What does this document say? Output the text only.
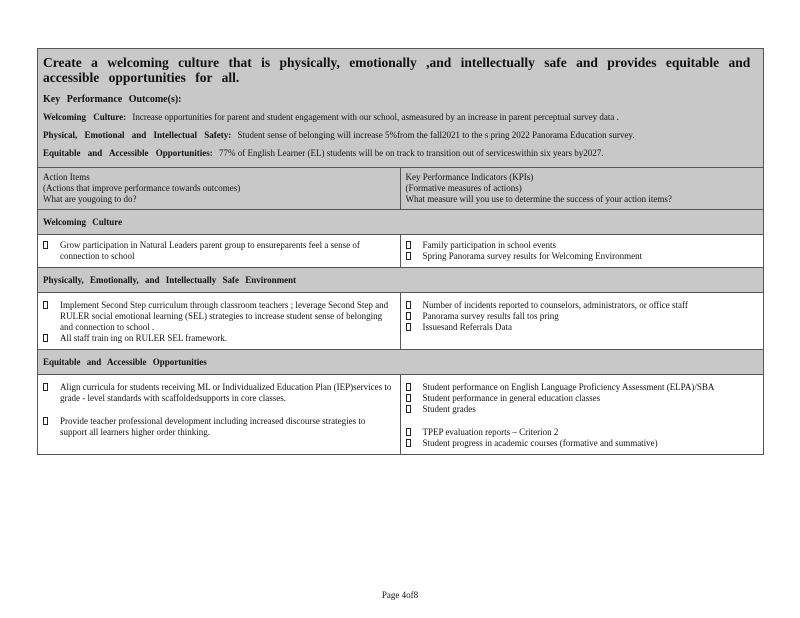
Create a welcoming culture that is physically, emotionally ,and intellectually safe and provides equitable and accessible opportunities for all.
Key Performance Outcome(s):
Welcoming Culture: Increase opportunities for parent and student engagement with our school, asmeasured by an increase in parent perceptual survey data .
Physical, Emotional and Intellectual Safety: Student sense of belonging will increase 5%from the fall2021 to the s pring 2022 Panorama Education survey.
Equitable and Accessible Opportunities: 77% of English Learner (EL) students will be on track to transition out of serviceswithin six years by2027.
Action Items
(Actions that improve performance towards outcomes)
What are yougoing to do?
Key Performance Indicators (KPIs)
(Formative measures of actions)
What measure will you use to determine the success of your action items?
Welcoming Culture
Grow participation in Natural Leaders parent group to ensureparents feel a sense of connection to school
Family participation in school events
Spring Panorama survey results for Welcoming Environment
Physically, Emotionally, and Intellectually Safe Environment
Implement Second Step curriculum through classroom teachers ; leverage Second Step and RULER social emotional learning (SEL) strategies to increase student sense of belonging and connection to school .
All staff train ing on RULER SEL framework.
Number of incidents reported to counselors, administrators, or office staff
Panorama survey results fall tos pring
Issuesand Referrals Data
Equitable and Accessible Opportunities
Align curricula for students receiving ML or Individualized Education Plan (IEP)services to grade - level standards with scaffoldedsupports in core classes.
Provide teacher professional development including increased discourse strategies to support all learners higher order thinking.
Student performance on English Language Proficiency Assessment (ELPA)/SBA
Student performance in general education classes
Student grades
TPEP evaluation reports – Criterion 2
Student progress in academic courses (formative and summative)
Page 4of8
